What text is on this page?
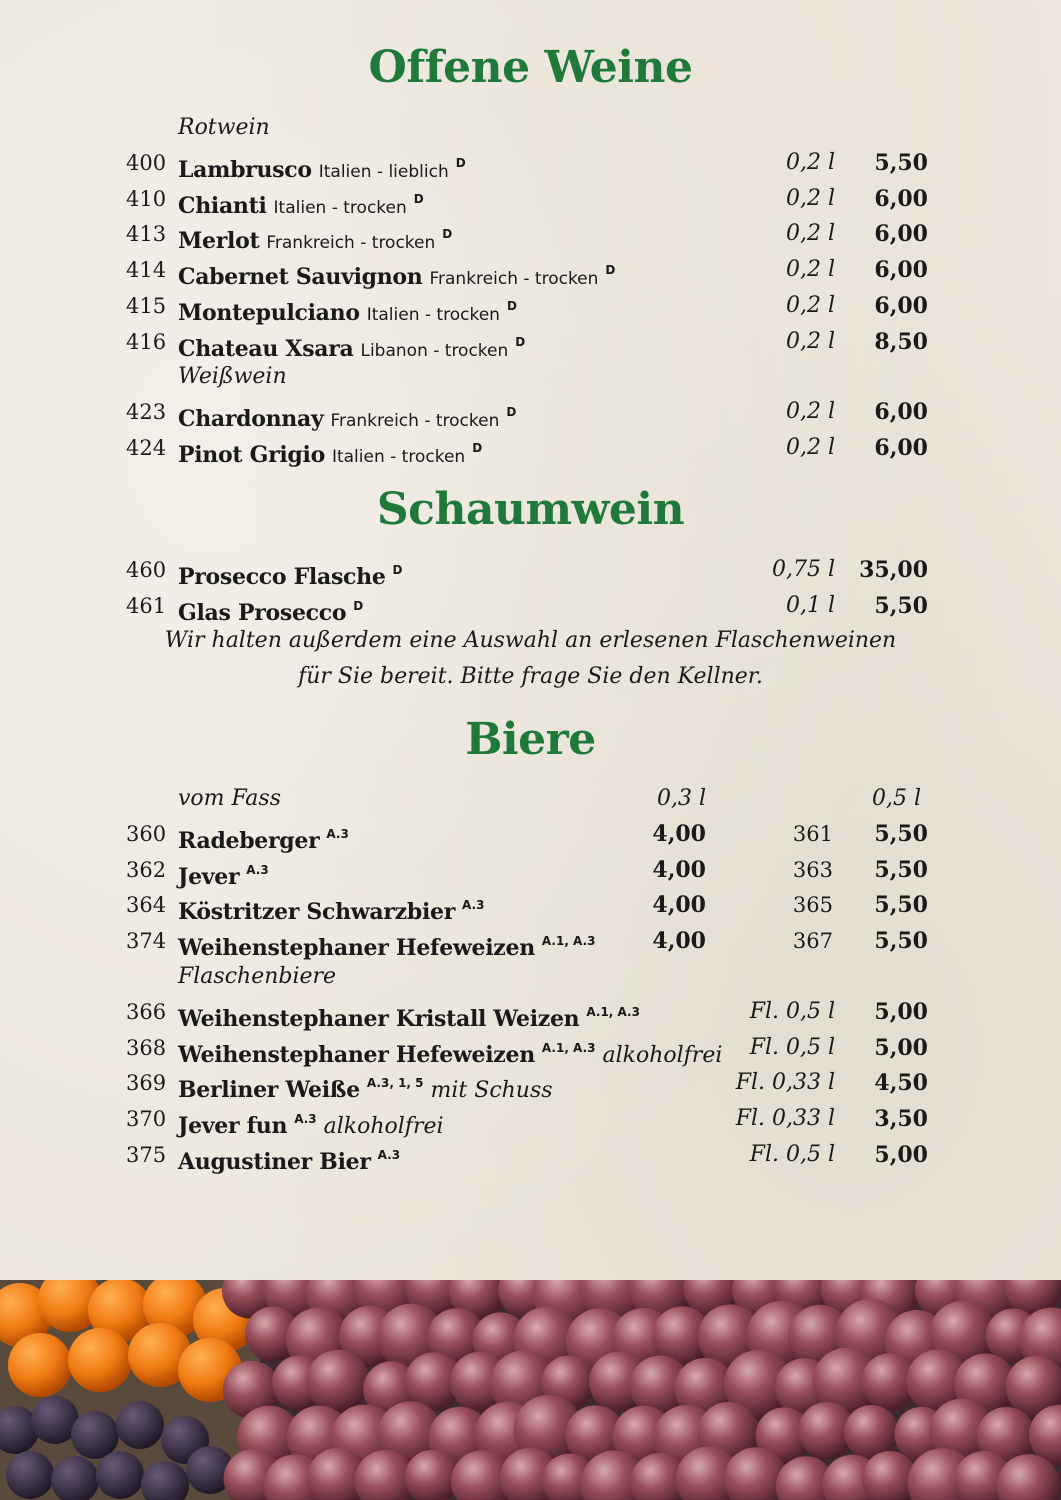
Offene Weine
Rotwein
400 Lambrusco Italien - lieblich $^D$	0,2 l 5,50
410 Chianti Italien - trocken $^D$	0,2 l 6,00
413 Merlot Frankreich - trocken $^D$	0,2 l 6,00
414 Cabernet Sauvignon Frankreich - trocken $^D$	0,2 l 6,00
415 Montepulciano Italien - trocken $^D$	0,2 l 6,00
416 Chateau Xsara Libanon - trocken $^D$	0,2 l 8,50
Weißwein
423 Chardonnay Frankreich - trocken $^D$	0,2 l 6,00
424 Pinot Grigio Italien - trocken $^D$	0,2 l 6,00
Schaumwein
460 Prosecco Flasche $^D$	0,75 l 35,00
461 Glas Prosecco $^D$	0,1 l 5,50
Wir halten außerdem eine Auswahl an erlesenen Flaschenweinen
für Sie bereit. Bitte frage Sie den Kellner.
Biere
vom Fass	0,3 l	0,5 l
360 Radeberger $^{A.3}$	4,00	361 5,50
362 Jever $^{A.3}$	4,00	363 5,50
364 Köstritzer Schwarzbier $^{A.3}$	4,00	365 5,50
374 Weihenstephaner Hefeweizen $^{A.1, A.3}$	4,00	367 5,50
Flaschenbiere
366 Weihenstephaner Kristall Weizen $^{A.1, A.3}$	Fl. 0,5 l 5,00
368 Weihenstephaner Hefeweizen $^{A.1, A.3}$ alkoholfrei Fl. 0,5 l 5,00
369 Berliner Weiße $^{A.3, 1, 5}$ mit Schuss	Fl. 0,33 l 4,50
370 Jever fun $^{A.3}$ alkoholfrei	Fl. 0,33 l 3,50
375 Augustiner Bier $^{A.3}$	Fl. 0,5 l 5,00
